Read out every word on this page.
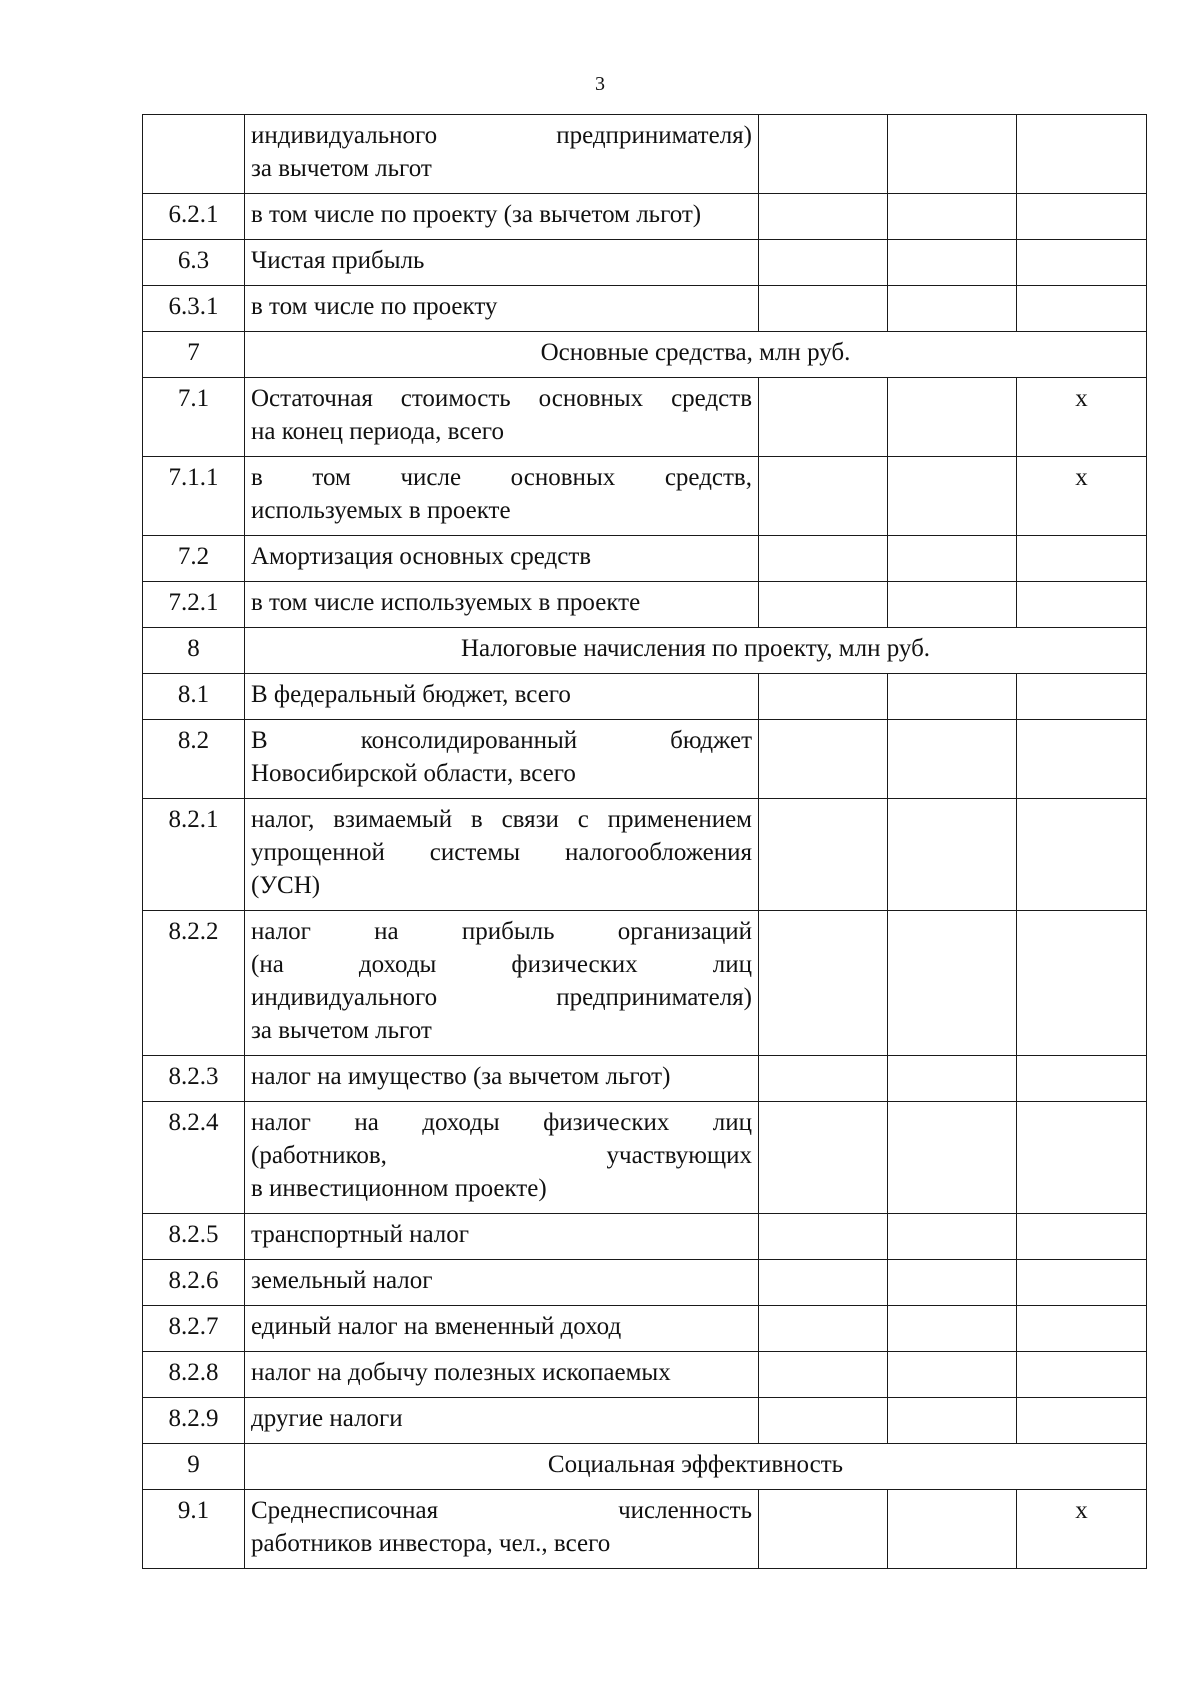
3

	индивидуального предпринимателя)
за вычетом льгот			

6.2.1	в том числе по проекту (за вычетом льгот)			

6.3	Чистая прибыль			

6.3.1	в том числе по проекту			

7	Основные средства, млн руб.			
7.1	Остаточная стоимость основных средств
на конец периода, всего			x
7.1.1	в том числе основных средств,
используемых в проекте			x
7.2	Амортизация основных средств			

7.2.1	в том числе используемых в проекте			

8	Налоговые начисления по проекту, млн руб.			
8.1	В федеральный бюджет, всего			

8.2	В консолидированный бюджет
Новосибирской области, всего			

8.2.1	налог, взимаемый в связи с применением
упрощенной системы налогообложения
(УСН)			

8.2.2	налог на прибыль организаций
(на доходы физических лиц
индивидуального предпринимателя)
за вычетом льгот			

8.2.3	налог на имущество (за вычетом льгот)			

8.2.4	налог на доходы физических лиц
(работников, участвующих
в инвестиционном проекте)			

8.2.5	транспортный налог			

8.2.6	земельный налог			

8.2.7	единый налог на вмененный доход			

8.2.8	налог на добычу полезных ископаемых			

8.2.9	другие налоги			

9	Социальная эффективность			
9.1	Среднесписочная численность
работников инвестора, чел., всего			x
